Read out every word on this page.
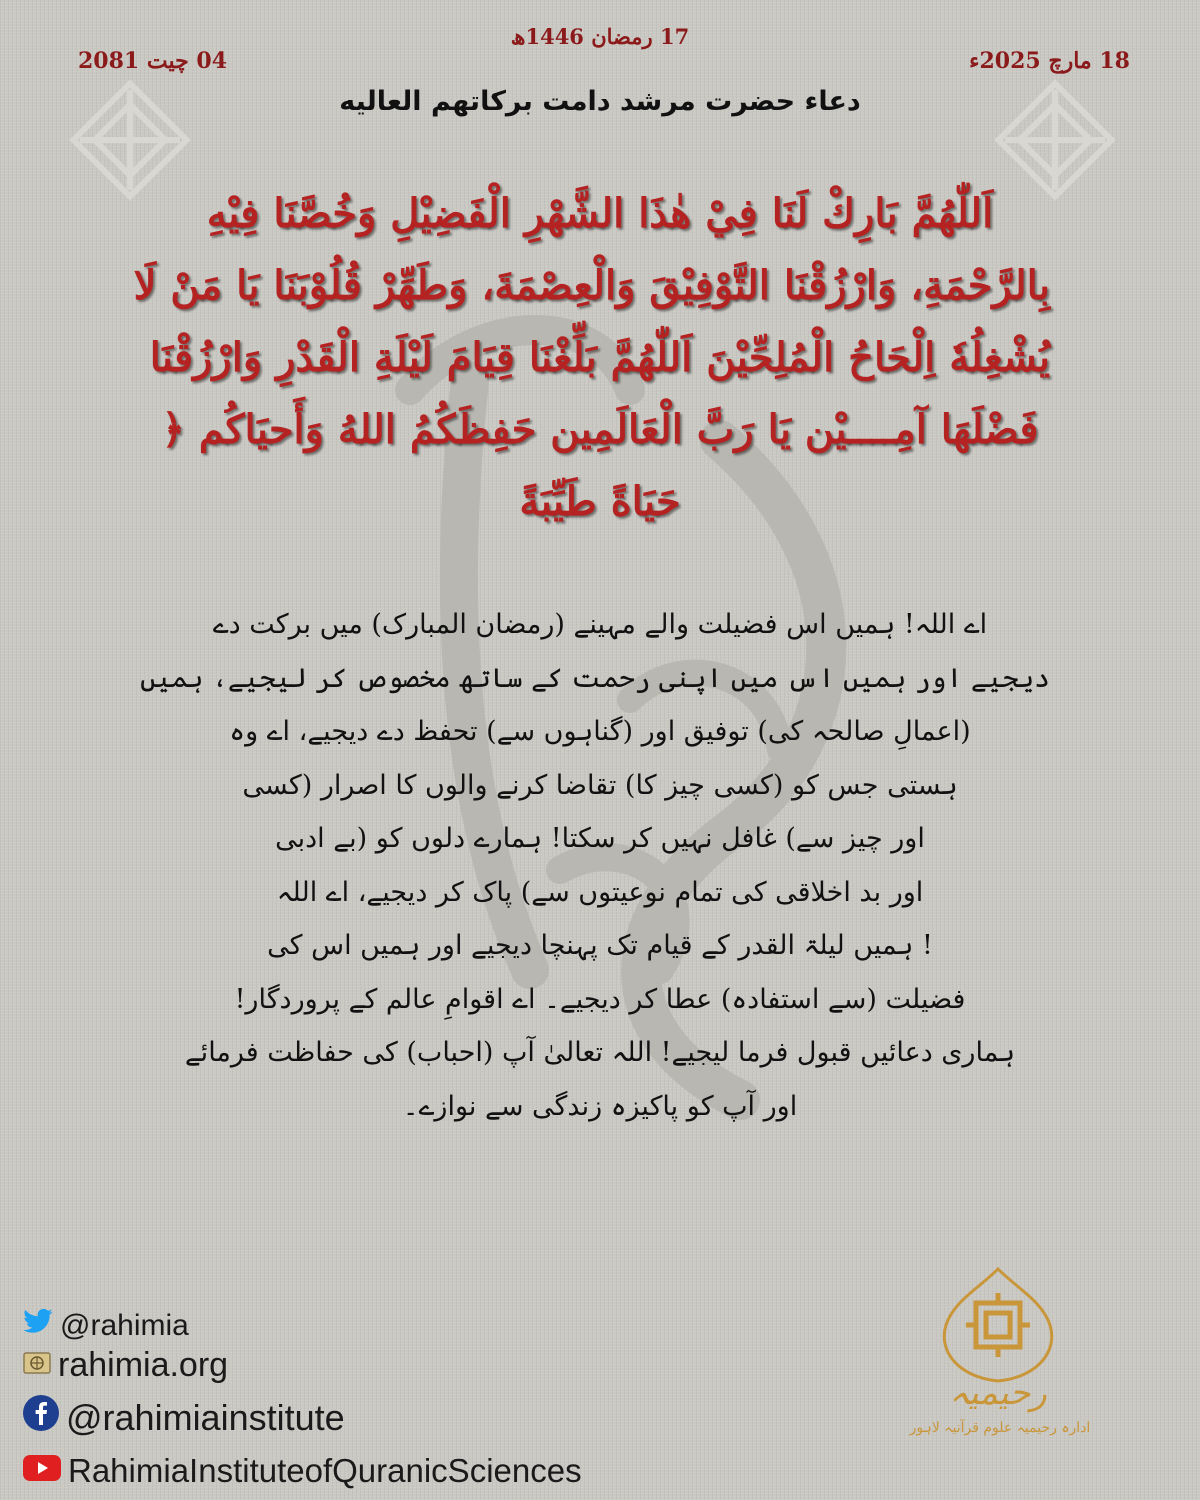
17 رمضان 1446ھ
18 مارچ 2025ء
04 چیت 2081
دعاء حضرت مرشد دامت برکاتھم العالیه
اَللّٰھُمَّ بَارِكْ لَنَا فِيْ هٰذَا الشَّهْرِ الْفَضِيْلِ وَخُصَّنَا فِيْهِ
بِالرَّحْمَةِ، وَارْزُقْنَا التَّوْفِيْقَ وَالْعِصْمَةَ، وَطَهِّرْ قُلُوْبَنَا يَا مَنْ لَا
يُشْغِلُهٗ اِلْحَاحُ الْمُلِحِّيْنَ اَللّٰهُمَّ بَلِّغْنَا قِيَامَ لَيْلَةِ الْقَدْرِ وَارْزُقْنَا
فَضْلَهَا آمِــــيْن يَا رَبَّ الْعَالَمِين حَفِظَكُمُ اللهُ وَأَحيَاكُم ﴿
حَيَاةً طَيِّبَةً
اے اللہ! ہمیں اس فضیلت والے مہینے (رمضان المبارک) میں برکت دے
دیجیے اور ہمیں اس میں اپنی رحمت کے ساتھ مخصوص کر لیجیے، ہمیں
(اعمالِ صالحہ کی) توفیق اور (گناہوں سے) تحفظ دے دیجیے، اے وہ
ہستی جس کو (کسی چیز کا) تقاضا کرنے والوں کا اصرار (کسی
اور چیز سے) غافل نہیں کر سکتا! ہمارے دلوں کو (بے ادبی
اور بد اخلاقی کی تمام نوعیتوں سے) پاک کر دیجیے، اے اللہ
! ہمیں لیلۃ القدر کے قیام تک پہنچا دیجیے اور ہمیں اس کی
فضیلت (سے استفادہ) عطا کر دیجیے۔ اے اقوامِ عالم کے پروردگار!
ہماری دعائیں قبول فرما لیجیے! اللہ تعالیٰ آپ (احباب) کی حفاظت فرمائے
اور آپ کو پاکیزہ زندگی سے نوازے۔
@rahimia
rahimia.org
@rahimiainstitute
RahimiaInstituteofQuranicSciences
رحیمیہ
ادارہ رحیمیہ علوم قرآنیہ لاہور
